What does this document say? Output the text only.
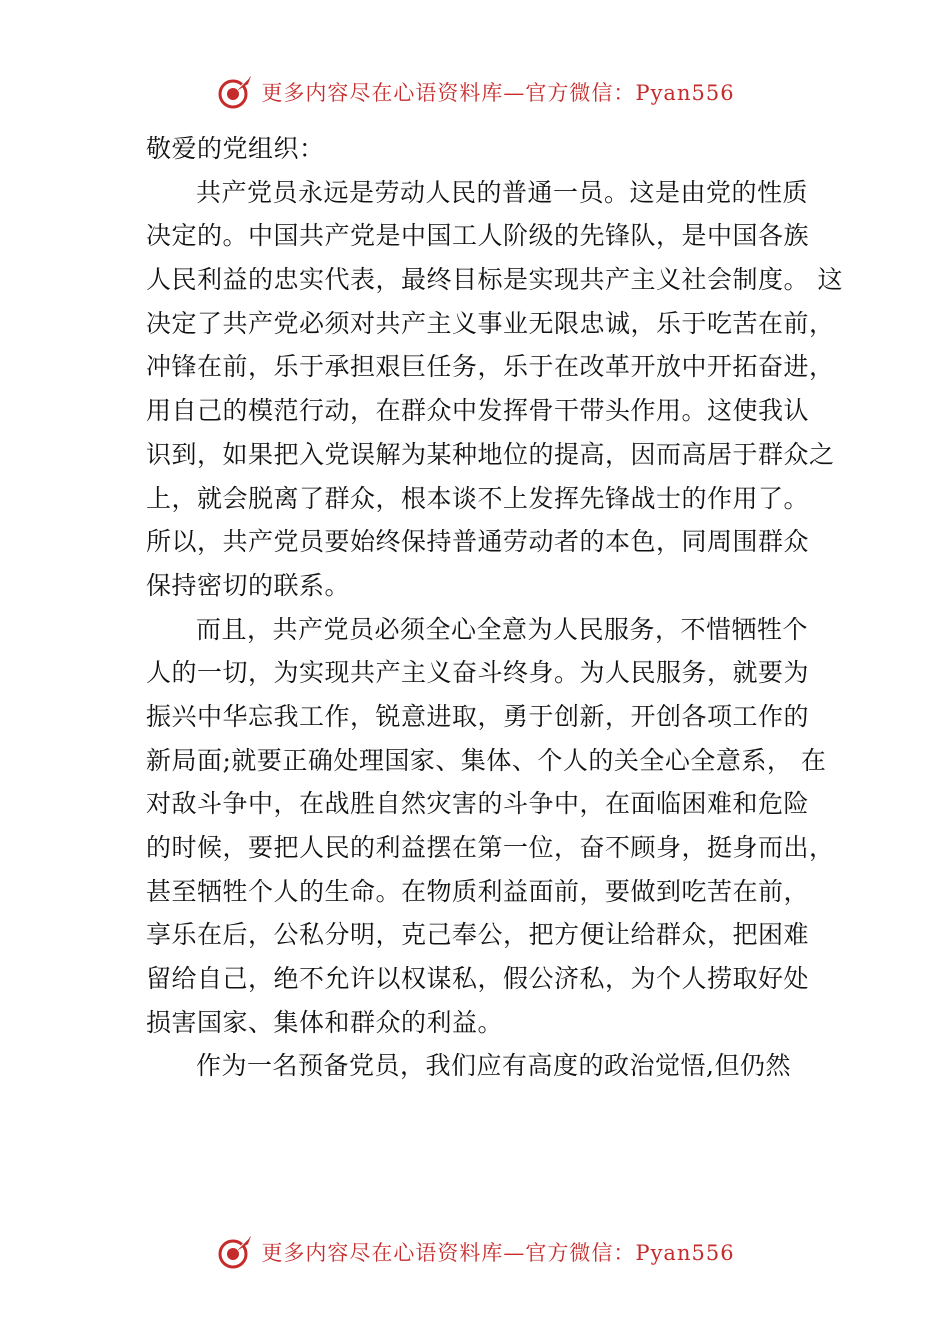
更多内容尽在心语资料库—官方微信：Pyan556
敬爱的党组织：
共产党员永远是劳动人民的普通一员。这是由党的性质
决定的。中国共产党是中国工人阶级的先锋队，是中国各族
人民利益的忠实代表，最终目标是实现共产主义社会制度。 这
决定了共产党必须对共产主义事业无限忠诚，乐于吃苦在前，
冲锋在前，乐于承担艰巨任务，乐于在改革开放中开拓奋进，
用自己的模范行动，在群众中发挥骨干带头作用。这使我认
识到，如果把入党误解为某种地位的提高，因而高居于群众之
上，就会脱离了群众，根本谈不上发挥先锋战士的作用了。
所以，共产党员要始终保持普通劳动者的本色，同周围群众
保持密切的联系。
而且，共产党员必须全心全意为人民服务，不惜牺牲个
人的一切，为实现共产主义奋斗终身。为人民服务，就要为
振兴中华忘我工作，锐意进取，勇于创新，开创各项工作的
新局面;就要正确处理国家、集体、个人的关全心全意系， 在
对敌斗争中，在战胜自然灾害的斗争中，在面临困难和危险
的时候，要把人民的利益摆在第一位，奋不顾身，挺身而出，
甚至牺牲个人的生命。在物质利益面前，要做到吃苦在前，
享乐在后，公私分明，克己奉公，把方便让给群众，把困难
留给自己，绝不允许以权谋私，假公济私，为个人捞取好处
损害国家、集体和群众的利益。
作为一名预备党员，我们应有高度的政治觉悟,但仍然
更多内容尽在心语资料库—官方微信：Pyan556
